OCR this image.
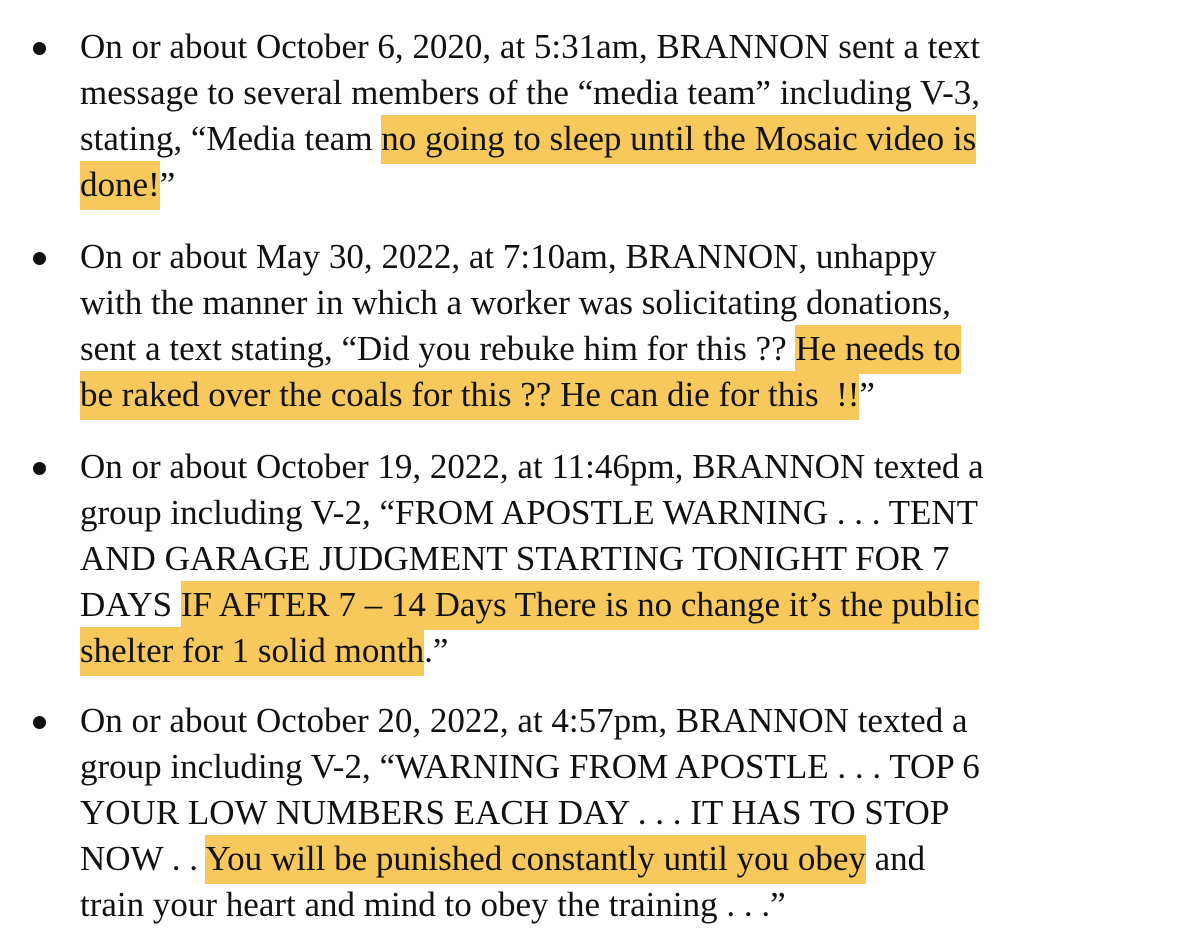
On or about October 6, 2020, at 5:31am, BRANNON sent a text
message to several members of the “media team” including V-3,
stating, “Media team no going to sleep until the Mosaic video is
done!”
On or about May 30, 2022, at 7:10am, BRANNON, unhappy
with the manner in which a worker was solicitating donations,
sent a text stating, “Did you rebuke him for this ?? He needs to
be raked over the coals for this ?? He can die for this  !!”
On or about October 19, 2022, at 11:46pm, BRANNON texted a
group including V-2, “FROM APOSTLE WARNING . . . TENT
AND GARAGE JUDGMENT STARTING TONIGHT FOR 7
DAYS IF AFTER 7 – 14 Days There is no change it’s the public
shelter for 1 solid month.”
On or about October 20, 2022, at 4:57pm, BRANNON texted a
group including V-2, “WARNING FROM APOSTLE . . . TOP 6
YOUR LOW NUMBERS EACH DAY . . . IT HAS TO STOP
NOW . . You will be punished constantly until you obey and
train your heart and mind to obey the training . . .”
